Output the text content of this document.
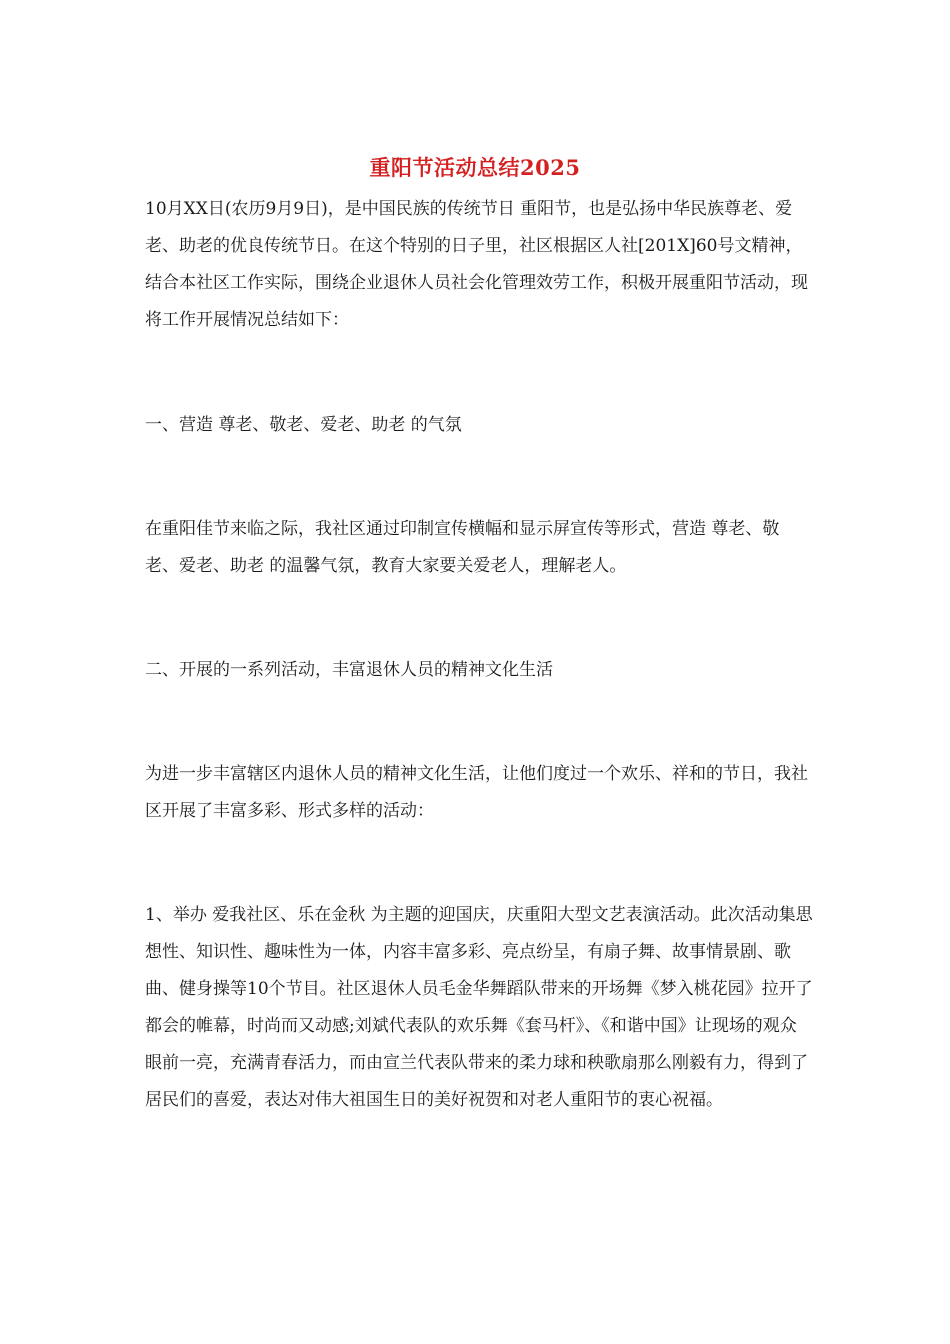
重阳节活动总结2025

10月XX日(农历9月9日)，是中国民族的传统节日 重阳节，也是弘扬中华民族尊老、爱老、助老的优良传统节日。在这个特别的日子里，社区根据区人社[201X]60号文精神，结合本社区工作实际，围绕企业退休人员社会化管理效劳工作，积极开展重阳节活动，现将工作开展情况总结如下：

一、营造 尊老、敬老、爱老、助老 的气氛

在重阳佳节来临之际，我社区通过印制宣传横幅和显示屏宣传等形式，营造 尊老、敬老、爱老、助老 的温馨气氛，教育大家要关爱老人，理解老人。

二、开展的一系列活动，丰富退休人员的精神文化生活

为进一步丰富辖区内退休人员的精神文化生活，让他们度过一个欢乐、祥和的节日，我社区开展了丰富多彩、形式多样的活动：

1、举办 爱我社区、乐在金秋 为主题的迎国庆，庆重阳大型文艺表演活动。此次活动集思想性、知识性、趣味性为一体，内容丰富多彩、亮点纷呈，有扇子舞、故事情景剧、歌曲、健身操等10个节目。社区退休人员毛金华舞蹈队带来的开场舞《梦入桃花园》拉开了都会的帷幕，时尚而又动感;刘斌代表队的欢乐舞《套马杆》、《和谐中国》让现场的观众眼前一亮，充满青春活力，而由宣兰代表队带来的柔力球和秧歌扇那么刚毅有力，得到了居民们的喜爱，表达对伟大祖国生日的美好祝贺和对老人重阳节的衷心祝福。
